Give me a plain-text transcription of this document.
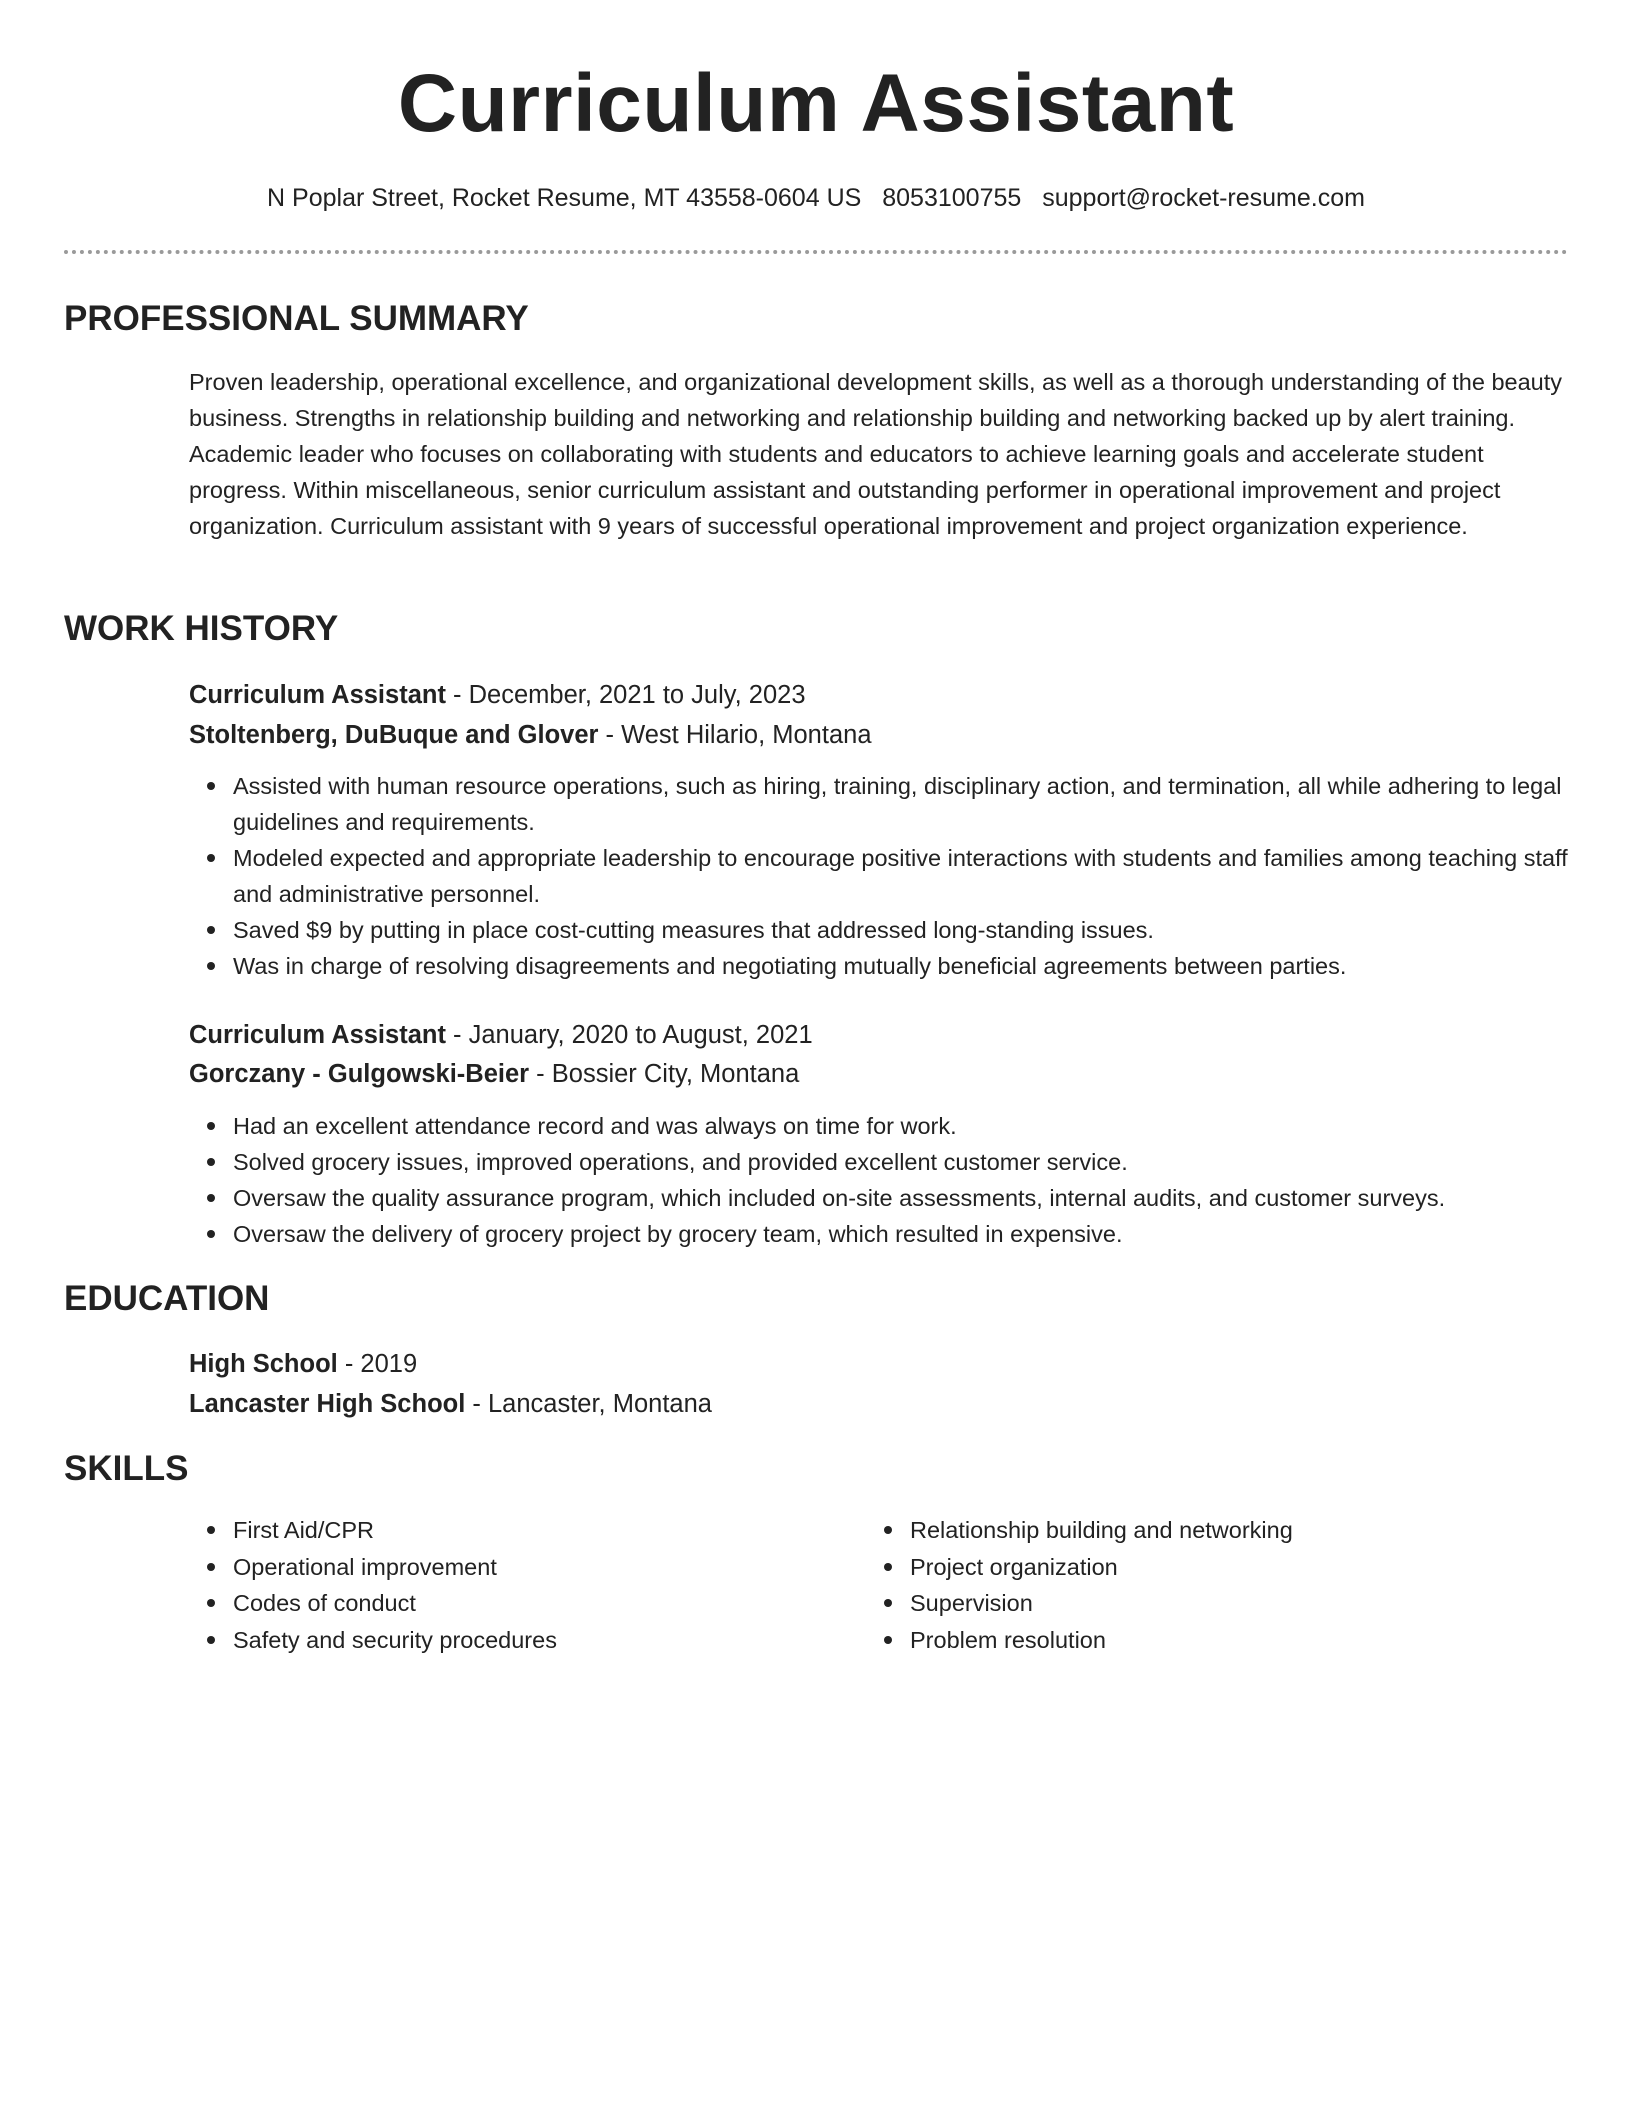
Curriculum Assistant
N Poplar Street, Rocket Resume, MT 43558-0604 US 8053100755 support@rocket-resume.com
PROFESSIONAL SUMMARY

Proven leadership, operational excellence, and organizational development skills, as well as a thorough understanding of the beauty business. Strengths in relationship building and networking and relationship building and networking backed up by alert training. Academic leader who focuses on collaborating with students and educators to achieve learning goals and accelerate student progress. Within miscellaneous, senior curriculum assistant and outstanding performer in operational improvement and project organization. Curriculum assistant with 9 years of successful operational improvement and project organization experience.

WORK HISTORY
Curriculum Assistant - December, 2021 to July, 2023
Stoltenberg, DuBuque and Glover - West Hilario, Montana
Assisted with human resource operations, such as hiring, training, disciplinary action, and termination, all while adhering to legal guidelines and requirements.
Modeled expected and appropriate leadership to encourage positive interactions with students and families among teaching staff and administrative personnel.
Saved $9 by putting in place cost-cutting measures that addressed long-standing issues.
Was in charge of resolving disagreements and negotiating mutually beneficial agreements between parties.
Curriculum Assistant - January, 2020 to August, 2021
Gorczany - Gulgowski-Beier - Bossier City, Montana
Had an excellent attendance record and was always on time for work.
Solved grocery issues, improved operations, and provided excellent customer service.
Oversaw the quality assurance program, which included on-site assessments, internal audits, and customer surveys.
Oversaw the delivery of grocery project by grocery team, which resulted in expensive.
EDUCATION
High School - 2019
Lancaster High School - Lancaster, Montana
SKILLS
First Aid/CPR
Operational improvement
Codes of conduct
Safety and security procedures
Relationship building and networking
Project organization
Supervision
Problem resolution
